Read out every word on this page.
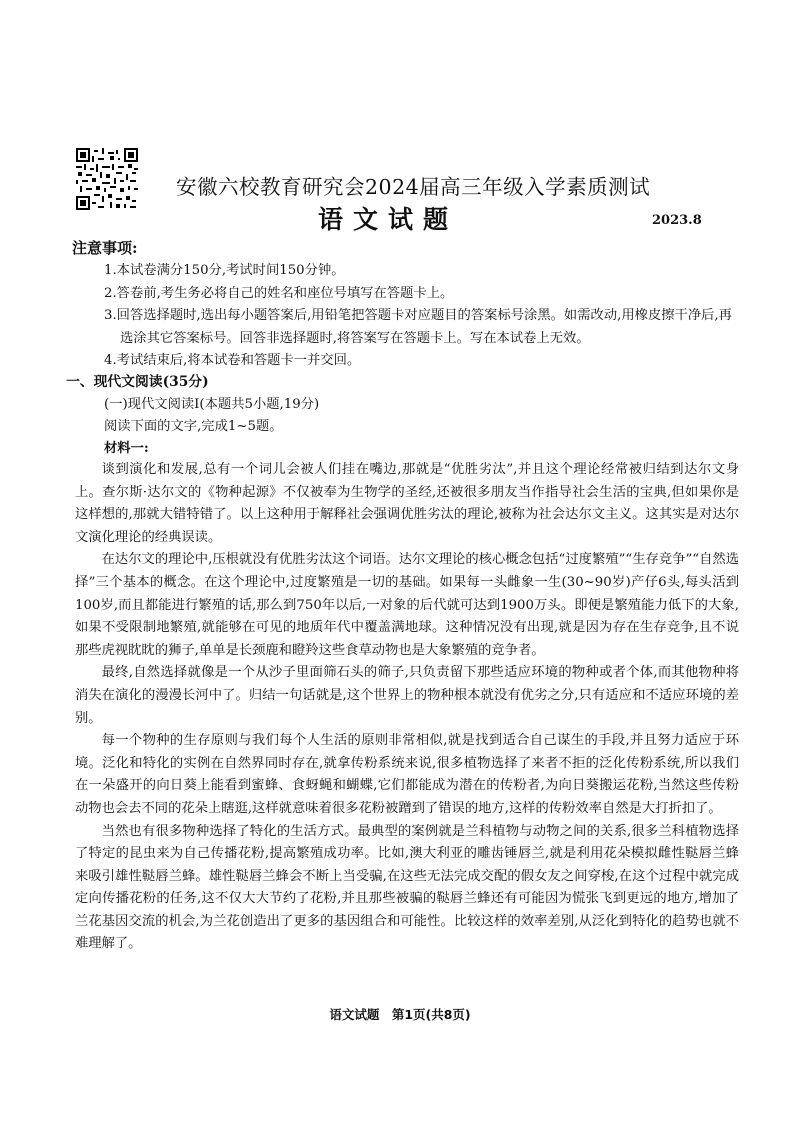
安徽六校教育研究会2024届高三年级入学素质测试
语文试题	2023.8
注意事项:
1.本试卷满分150分,考试时间150分钟。
2.答卷前,考生务必将自己的姓名和座位号填写在答题卡上。
3.回答选择题时,选出每小题答案后,用铅笔把答题卡对应题目的答案标号涂黑。如需改动,用橡皮擦干净后,再选涂其它答案标号。回答非选择题时,将答案写在答题卡上。写在本试卷上无效。
4.考试结束后,将本试卷和答题卡一并交回。
一、现代文阅读(35分)
(一)现代文阅读Ⅰ(本题共5小题,19分)
阅读下面的文字,完成1~5题。
材料一:

谈到演化和发展,总有一个词儿会被人们挂在嘴边,那就是“优胜劣汰”,并且这个理论经常被归结到达尔文身上。查尔斯·达尔文的《物种起源》不仅被奉为生物学的圣经,还被很多朋友当作指导社会生活的宝典,但如果你是这样想的,那就大错特错了。以上这种用于解释社会强调优胜劣汰的理论,被称为社会达尔文主义。这其实是对达尔文演化理论的经典误读。

在达尔文的理论中,压根就没有优胜劣汰这个词语。达尔文理论的核心概念包括“过度繁殖”“生存竞争”“自然选择”三个基本的概念。在这个理论中,过度繁殖是一切的基础。如果每一头雌象一生(30~90岁)产仔6头,每头活到100岁,而且都能进行繁殖的话,那么到750年以后,一对象的后代就可达到1900万头。即便是繁殖能力低下的大象,如果不受限制地繁殖,就能够在可见的地质年代中覆盖满地球。这种情况没有出现,就是因为存在生存竞争,且不说那些虎视眈眈的狮子,单单是长颈鹿和瞪羚这些食草动物也是大象繁殖的竞争者。

最终,自然选择就像是一个从沙子里面筛石头的筛子,只负责留下那些适应环境的物种或者个体,而其他物种将消失在演化的漫漫长河中了。归结一句话就是,这个世界上的物种根本就没有优劣之分,只有适应和不适应环境的差别。

每一个物种的生存原则与我们每个人生活的原则非常相似,就是找到适合自己谋生的手段,并且努力适应于环境。泛化和特化的实例在自然界同时存在,就拿传粉系统来说,很多植物选择了来者不拒的泛化传粉系统,所以我们在一朵盛开的向日葵上能看到蜜蜂、食蚜蝇和蝴蝶,它们都能成为潜在的传粉者,为向日葵搬运花粉,当然这些传粉动物也会去不同的花朵上瞎逛,这样就意味着很多花粉被蹭到了错误的地方,这样的传粉效率自然是大打折扣了。

当然也有很多物种选择了特化的生活方式。最典型的案例就是兰科植物与动物之间的关系,很多兰科植物选择了特定的昆虫来为自己传播花粉,提高繁殖成功率。比如,澳大利亚的雕齿锤唇兰,就是利用花朵模拟雌性鞑唇兰蜂来吸引雄性鞑唇兰蜂。雄性鞑唇兰蜂会不断上当受骗,在这些无法完成交配的假女友之间穿梭,在这个过程中就完成定向传播花粉的任务,这不仅大大节约了花粉,并且那些被骗的鞑唇兰蜂还有可能因为慌张飞到更远的地方,增加了兰花基因交流的机会,为兰花创造出了更多的基因组合和可能性。比较这样的效率差别,从泛化到特化的趋势也就不难理解了。

语文试题　第1页(共8页)
